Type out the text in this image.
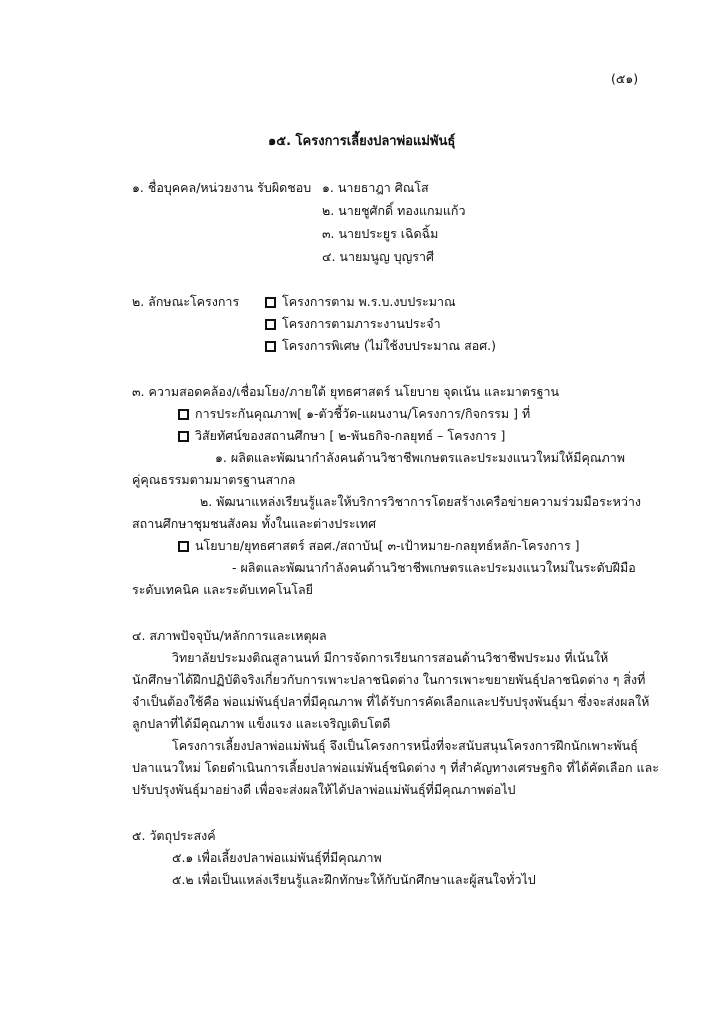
(๕๑)
๑๕. โครงการเลี้ยงปลาพ่อแม่พันธุ์
๑. ชื่อบุคคล/หน่วยงาน รับผิดชอบ ๑. นายธาฎา ศิณโส
๒. นายชูศักดิ์ ทองแกมแก้ว
๓. นายประยูร เฉิดฉิ้ม
๔. นายมนูญ บุญราศี
๒. ลักษณะโครงการ	โครงการตาม พ.ร.บ.งบประมาณ
โครงการตามภาระงานประจำ
โครงการพิเศษ (ไม่ใช้งบประมาณ สอศ.)
๓. ความสอดคล้อง/เชื่อมโยง/ภายใต้ ยุทธศาสตร์ นโยบาย จุดเน้น และมาตรฐาน
การประกันคุณภาพ[ ๑-ตัวชี้วัด-แผนงาน/โครงการ/กิจกรรม ] ที่
วิสัยทัศน์ของสถานศึกษา [ ๒-พันธกิจ-กลยุทธ์ – โครงการ ]
๑. ผลิตและพัฒนากำลังคนด้านวิชาชีพเกษตรและประมงแนวใหม่ให้มีคุณภาพ
คู่คุณธรรมตามมาตรฐานสากล
๒. พัฒนาแหล่งเรียนรู้และให้บริการวิชาการโดยสร้างเครือข่ายความร่วมมือระหว่าง
สถานศึกษาชุมชนสังคม ทั้งในและต่างประเทศ
นโยบาย/ยุทธศาสตร์ สอศ./สถาบัน[ ๓-เป้าหมาย-กลยุทธ์หลัก-โครงการ ]
- ผลิตและพัฒนากำลังคนด้านวิชาชีพเกษตรและประมงแนวใหม่ในระดับฝีมือ
ระดับเทคนิค และระดับเทคโนโลยี
๔. สภาพปัจจุบัน/หลักการและเหตุผล
วิทยาลัยประมงติณสูลานนท์ มีการจัดการเรียนการสอนด้านวิชาชีพประมง ที่เน้นให้
นักศึกษาได้ฝึกปฏิบัติจริงเกี่ยวกับการเพาะปลาชนิดต่าง ในการเพาะขยายพันธุ์ปลาชนิดต่าง ๆ สิ่งที่
จำเป็นต้องใช้คือ พ่อแม่พันธุ์ปลาที่มีคุณภาพ ที่ได้รับการคัดเลือกและปรับปรุงพันธุ์มา ซึ่งจะส่งผลให้
ลูกปลาที่ได้มีคุณภาพ แข็งแรง และเจริญเติบโตดี
โครงการเลี้ยงปลาพ่อแม่พันธุ์ จึงเป็นโครงการหนึ่งที่จะสนับสนุนโครงการฝึกนักเพาะพันธุ์
ปลาแนวใหม่ โดยดำเนินการเลี้ยงปลาพ่อแม่พันธุ์ชนิดต่าง ๆ ที่สำคัญทางเศรษฐกิจ ที่ได้คัดเลือก และ
ปรับปรุงพันธุ์มาอย่างดี เพื่อจะส่งผลให้ได้ปลาพ่อแม่พันธุ์ที่มีคุณภาพต่อไป
๕. วัตถุประสงค์
๕.๑ เพื่อเลี้ยงปลาพ่อแม่พันธุ์ที่มีคุณภาพ
๕.๒ เพื่อเป็นแหล่งเรียนรู้และฝึกทักษะให้กับนักศึกษาและผู้สนใจทั่วไป
